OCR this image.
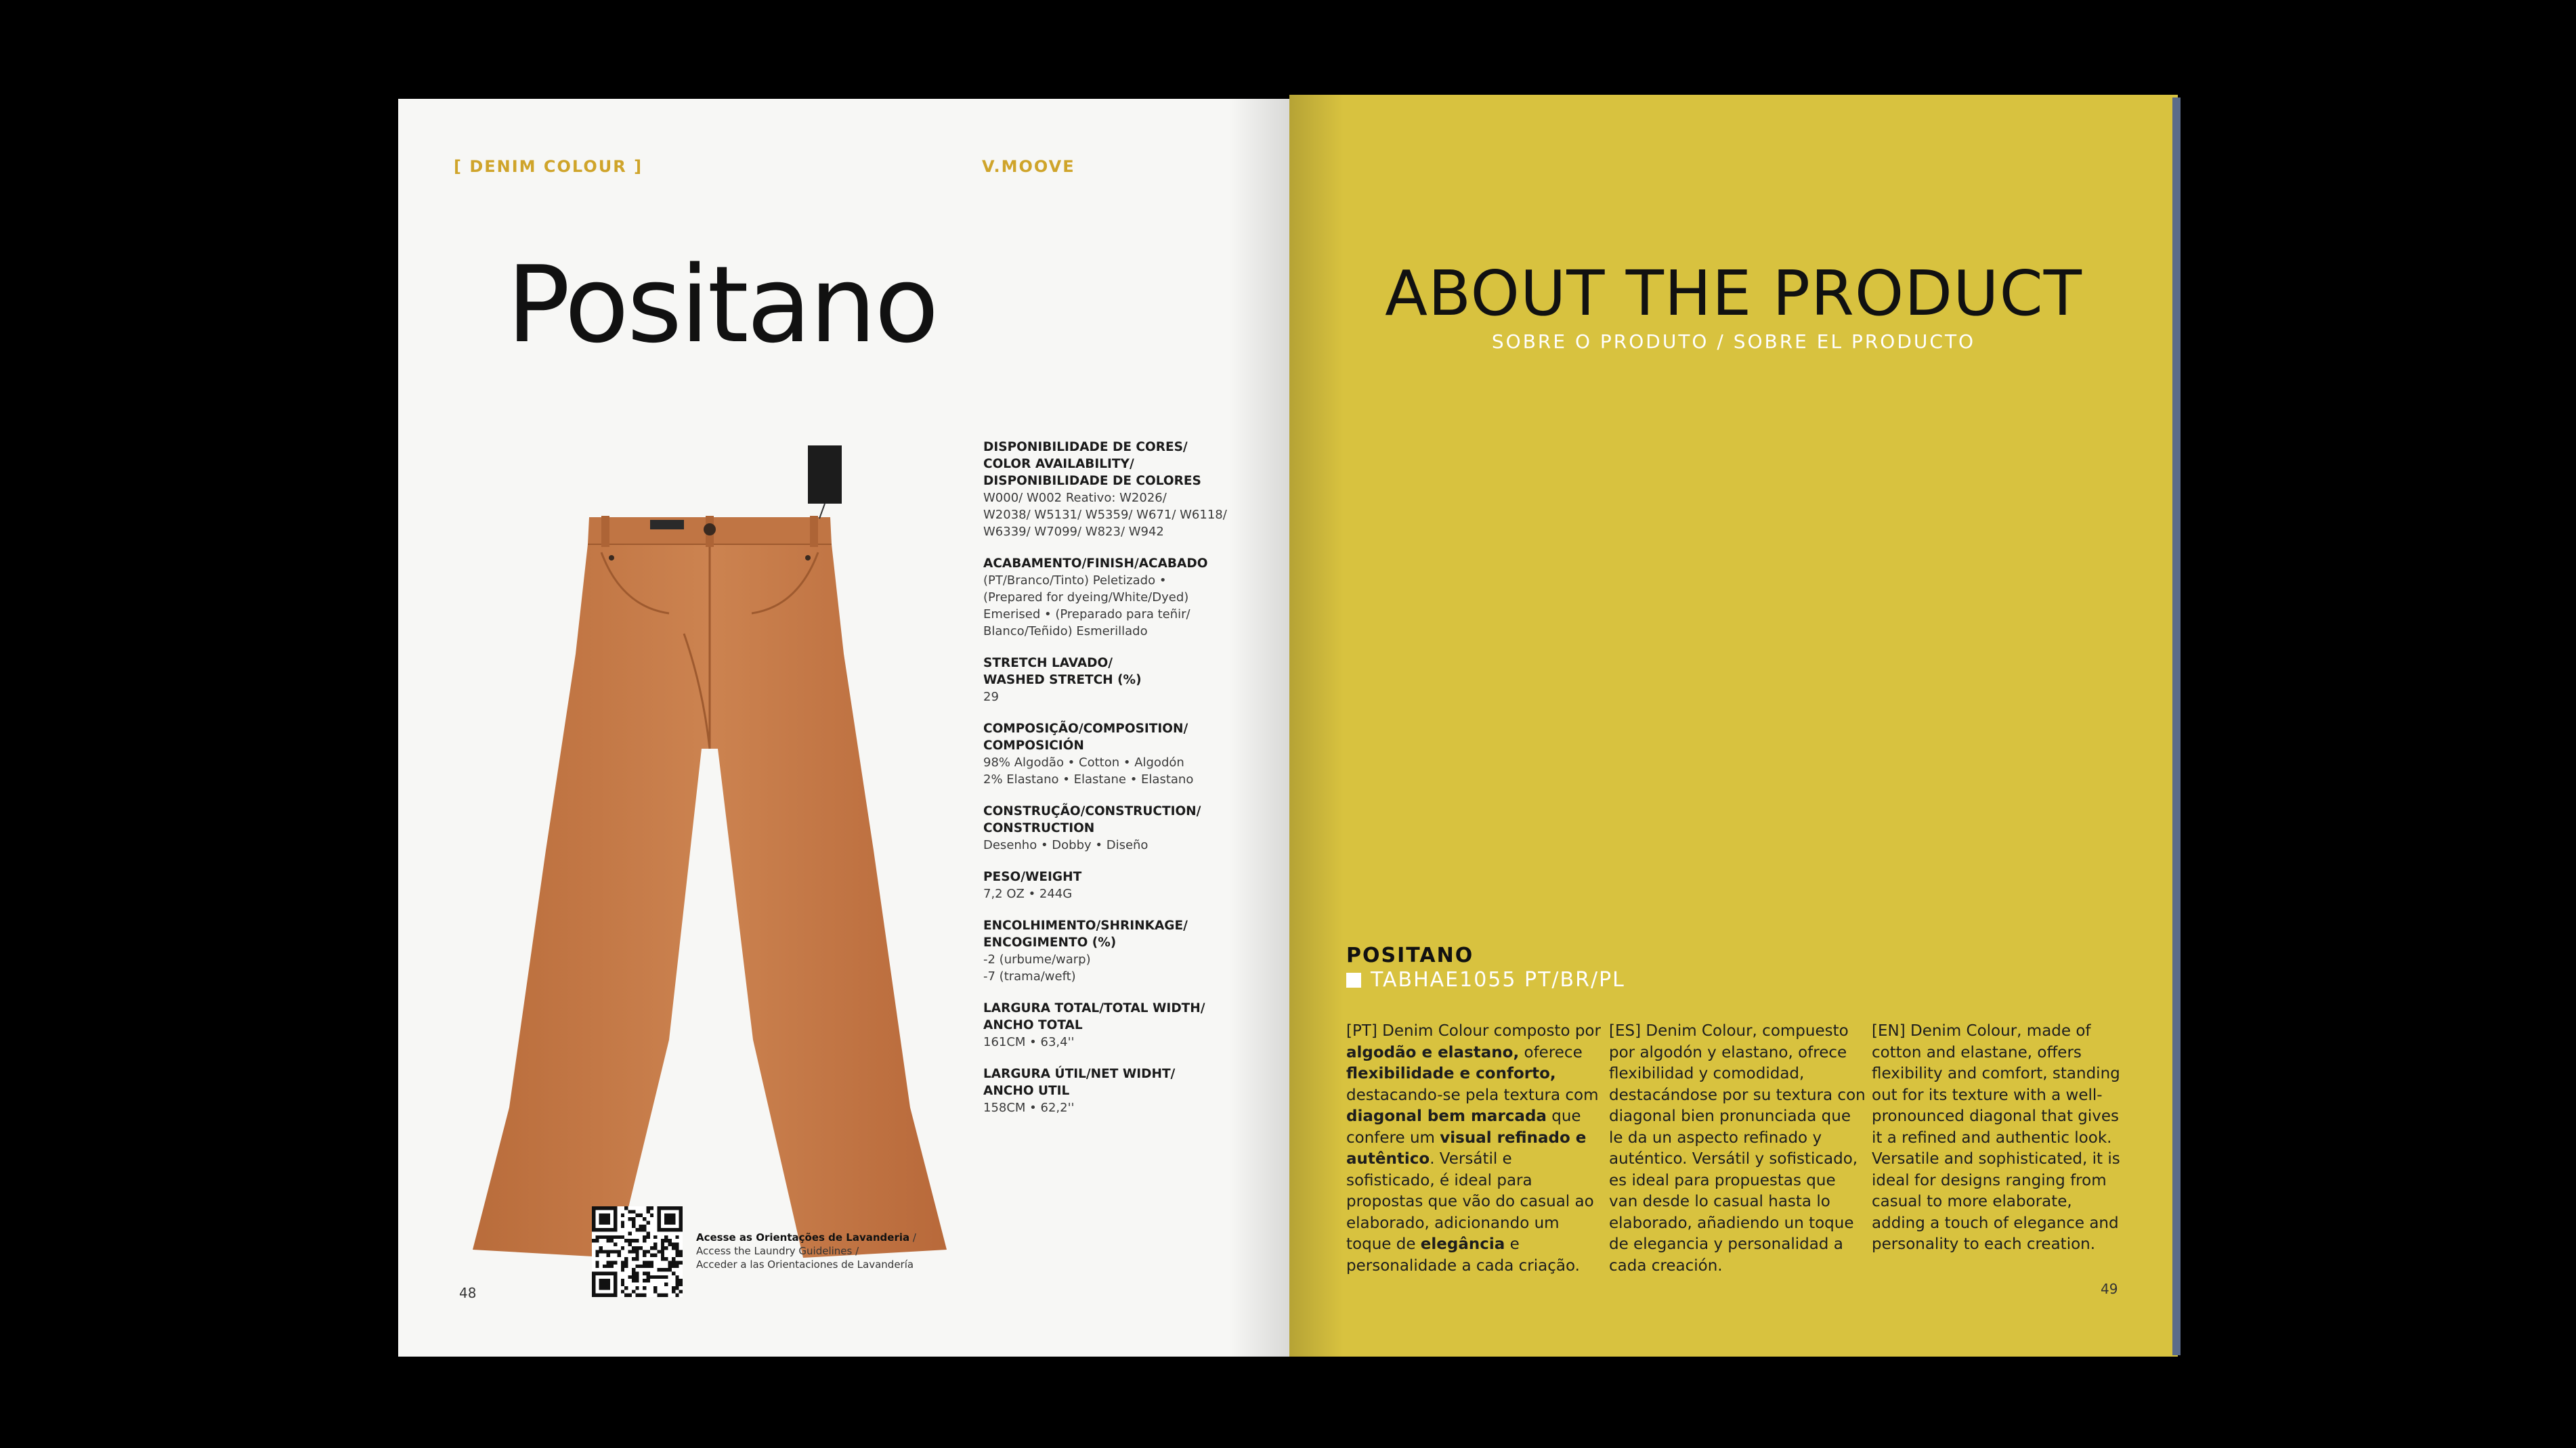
[ DENIM COLOUR ]	V.MOOVE
Positano
DISPONIBILIDADE DE CORES/
COLOR AVAILABILITY/
DISPONIBILIDADE DE COLORES
W000/ W002 Reativo: W2026/
W2038/ W5131/ W5359/ W671/ W6118/
W6339/ W7099/ W823/ W942
ACABAMENTO/FINISH/ACABADO
(PT/Branco/Tinto) Peletizado •
(Prepared for dyeing/White/Dyed)
Emerised • (Preparado para teñir/
Blanco/Teñido) Esmerillado
STRETCH LAVADO/
WASHED STRETCH (%)
29
COMPOSIÇÃO/COMPOSITION/
COMPOSICIÓN
98% Algodão • Cotton • Algodón
2% Elastano • Elastane • Elastano
CONSTRUÇÃO/CONSTRUCTION/
CONSTRUCTION
Desenho • Dobby • Diseño
PESO/WEIGHT
7,2 OZ • 244G
ENCOLHIMENTO/SHRINKAGE/
ENCOGIMENTO (%)
-2 (urbume/warp)
-7 (trama/weft)
LARGURA TOTAL/TOTAL WIDTH/
ANCHO TOTAL
161CM • 63,4''
LARGURA ÚTIL/NET WIDHT/
ANCHO UTIL
158CM • 62,2''
Acesse as Orientações de Lavanderia /
Access the Laundry Guidelines /
Acceder a las Orientaciones de Lavandería
48
ABOUT THE PRODUCT
SOBRE O PRODUTO / SOBRE EL PRODUCTO
POSITANO
TABHAE1055 PT/BR/PL
[PT] Denim Colour composto por algodão e elastano, oferece flexibilidade e conforto, destacando-se pela textura com diagonal bem marcada que confere um visual refinado e autêntico. Versátil e sofisticado, é ideal para propostas que vão do casual ao elaborado, adicionando um toque de elegância e personalidade a cada criação.
[ES] Denim Colour, compuesto por algodón y elastano, ofrece flexibilidad y comodidad, destacándose por su textura con diagonal bien pronunciada que le da un aspecto refinado y auténtico. Versátil y sofisticado, es ideal para propuestas que van desde lo casual hasta lo elaborado, añadiendo un toque de elegancia y personalidad a cada creación.
[EN] Denim Colour, made of cotton and elastane, offers flexibility and comfort, standing out for its texture with a well-pronounced diagonal that gives it a refined and authentic look. Versatile and sophisticated, it is ideal for designs ranging from casual to more elaborate, adding a touch of elegance and personality to each creation.
49
